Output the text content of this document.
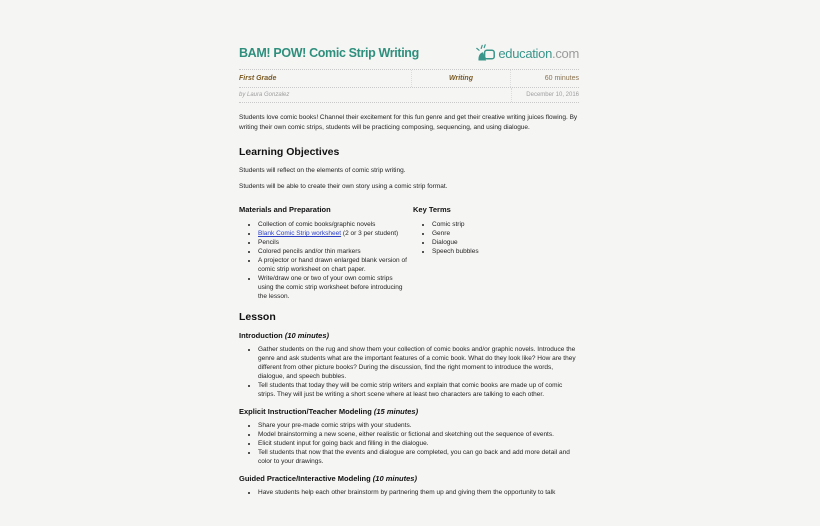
BAM! POW! Comic Strip Writing	education.com
First Grade	Writing	60 minutes
by Laura Gonzalez	December 10, 2016

Students love comic books! Channel their excitement for this fun genre and get their creative writing juices flowing. By writing their own comic strips, students will be practicing composing, sequencing, and using dialogue.

Learning Objectives

Students will reflect on the elements of comic strip writing.

Students will be able to create their own story using a comic strip format.

Materials and Preparation
• Collection of comic books/graphic novels
• Blank Comic Strip worksheet (2 or 3 per student)
• Pencils
• Colored pencils and/or thin markers
• A projector or hand drawn enlarged blank version of comic strip worksheet on chart paper.
• Write/draw one or two of your own comic strips using the comic strip worksheet before introducing the lesson.
Key Terms
• Comic strip
• Genre
• Dialogue
• Speech bubbles
Lesson
Introduction (10 minutes)
• Gather students on the rug and show them your collection of comic books and/or graphic novels. Introduce the genre and ask students what are the important features of a comic book. What do they look like? How are they different from other picture books? During the discussion, find the right moment to introduce the words, dialogue, and speech bubbles.
• Tell students that today they will be comic strip writers and explain that comic books are made up of comic strips. They will just be writing a short scene where at least two characters are talking to each other.
Explicit Instruction/Teacher Modeling (15 minutes)
• Share your pre-made comic strips with your students.
• Model brainstorming a new scene, either realistic or fictional and sketching out the sequence of events.
• Elicit student input for going back and filling in the dialogue.
• Tell students that now that the events and dialogue are completed, you can go back and add more detail and color to your drawings.
Guided Practice/Interactive Modeling (10 minutes)
• Have students help each other brainstorm by partnering them up and giving them the opportunity to talk
